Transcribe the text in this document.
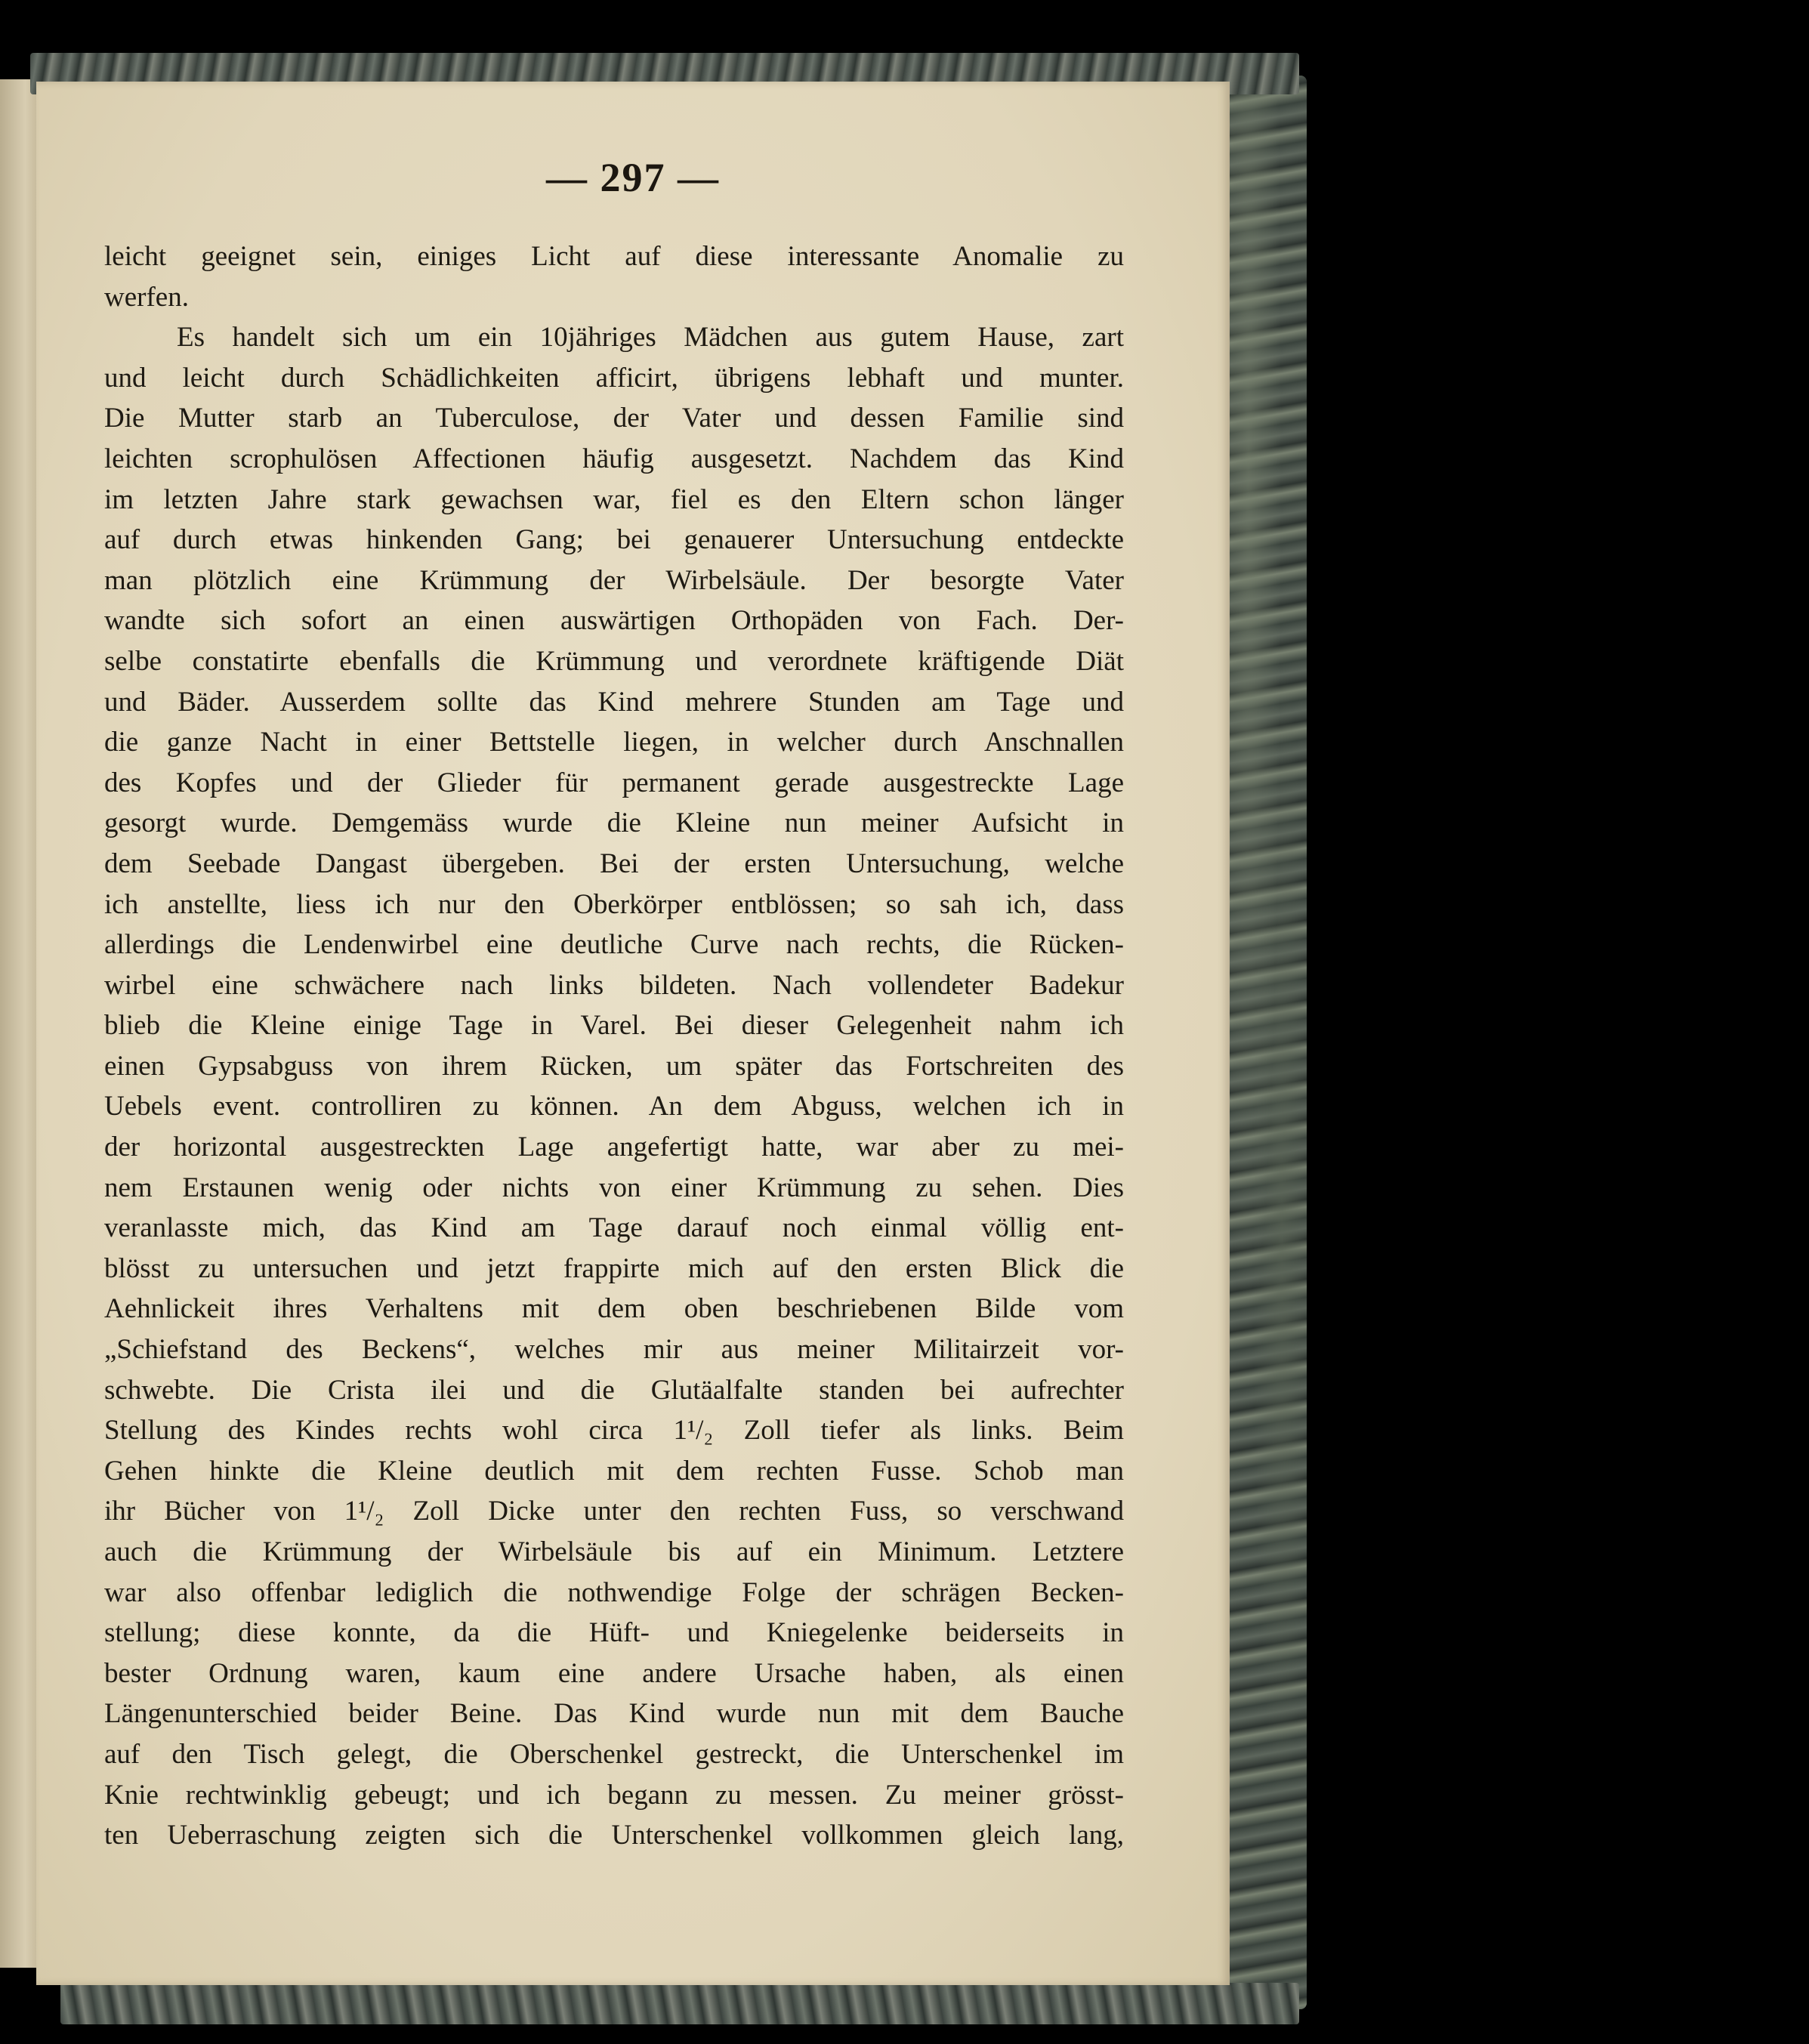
— 297 —
leicht geeignet sein, einiges Licht auf diese interessante Anomalie zu
werfen.
Es handelt sich um ein 10jähriges Mädchen aus gutem Hause, zart
und leicht durch Schädlichkeiten afficirt, übrigens lebhaft und munter.
Die Mutter starb an Tuberculose, der Vater und dessen Familie sind
leichten scrophulösen Affectionen häufig ausgesetzt. Nachdem das Kind
im letzten Jahre stark gewachsen war, fiel es den Eltern schon länger
auf durch etwas hinkenden Gang; bei genauerer Untersuchung entdeckte
man plötzlich eine Krümmung der Wirbelsäule. Der besorgte Vater
wandte sich sofort an einen auswärtigen Orthopäden von Fach. Der-
selbe constatirte ebenfalls die Krümmung und verordnete kräftigende Diät
und Bäder. Ausserdem sollte das Kind mehrere Stunden am Tage und
die ganze Nacht in einer Bettstelle liegen, in welcher durch Anschnallen
des Kopfes und der Glieder für permanent gerade ausgestreckte Lage
gesorgt wurde. Demgemäss wurde die Kleine nun meiner Aufsicht in
dem Seebade Dangast übergeben. Bei der ersten Untersuchung, welche
ich anstellte, liess ich nur den Oberkörper entblössen; so sah ich, dass
allerdings die Lendenwirbel eine deutliche Curve nach rechts, die Rücken-
wirbel eine schwächere nach links bildeten. Nach vollendeter Badekur
blieb die Kleine einige Tage in Varel. Bei dieser Gelegenheit nahm ich
einen Gypsabguss von ihrem Rücken, um später das Fortschreiten des
Uebels event. controlliren zu können. An dem Abguss, welchen ich in
der horizontal ausgestreckten Lage angefertigt hatte, war aber zu mei-
nem Erstaunen wenig oder nichts von einer Krümmung zu sehen. Dies
veranlasste mich, das Kind am Tage darauf noch einmal völlig ent-
blösst zu untersuchen und jetzt frappirte mich auf den ersten Blick die
Aehnlickeit ihres Verhaltens mit dem oben beschriebenen Bilde vom
„Schiefstand des Beckens“, welches mir aus meiner Militairzeit vor-
schwebte. Die Crista ilei und die Glutäalfalte standen bei aufrechter
Stellung des Kindes rechts wohl circa 1¹/₂ Zoll tiefer als links. Beim
Gehen hinkte die Kleine deutlich mit dem rechten Fusse. Schob man
ihr Bücher von 1¹/₂ Zoll Dicke unter den rechten Fuss, so verschwand
auch die Krümmung der Wirbelsäule bis auf ein Minimum. Letztere
war also offenbar lediglich die nothwendige Folge der schrägen Becken-
stellung; diese konnte, da die Hüft- und Kniegelenke beiderseits in
bester Ordnung waren, kaum eine andere Ursache haben, als einen
Längenunterschied beider Beine. Das Kind wurde nun mit dem Bauche
auf den Tisch gelegt, die Oberschenkel gestreckt, die Unterschenkel im
Knie rechtwinklig gebeugt; und ich begann zu messen. Zu meiner grösst-
ten Ueberraschung zeigten sich die Unterschenkel vollkommen gleich lang,
